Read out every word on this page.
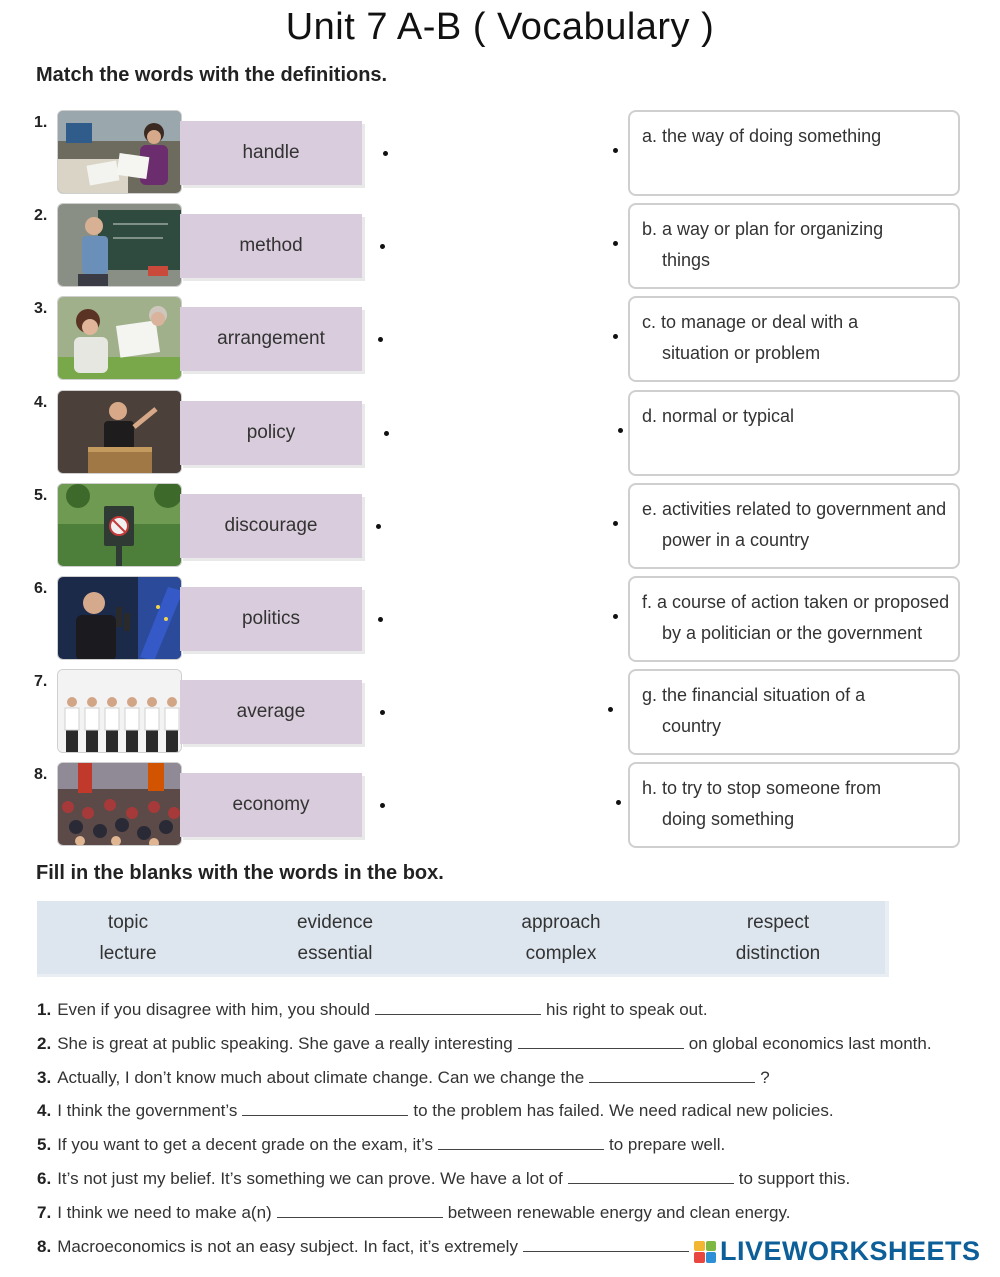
Unit 7 A-B ( Vocabulary )
Match the words with the definitions.
1.
handle
a. the way of doing something
2.
method
b. a way or plan for organizing
things
3.
arrangement
c. to manage or deal with a
situation or problem
4.
policy
d. normal or typical
5.
discourage
e. activities related to government and
power in a country
6.
politics
f. a course of action taken or proposed
by a politician or the government
7.
average
g. the financial situation of a
country
8.
economy
h. to try to stop someone from
doing something
Fill in the blanks with the words in the box.
topic	evidence	approach	respect
lecture	essential	complex	distinction
1. Even if you disagree with him, you should	his right to speak out.
2. She is great at public speaking. She gave a really interesting	on global economics last month.
3. Actually, I don’t know much about climate change. Can we change the	?
4. I think the government’s	to the problem has failed. We need radical new policies.
5. If you want to get a decent grade on the exam, it’s	to prepare well.
6. It’s not just my belief. It’s something we can prove. We have a lot of	to support this.
7. I think we need to make a(n)	between renewable energy and clean energy.
8. Macroeconomics is not an easy subject. In fact, it’s extremely	LIVEWORKSHEETS
